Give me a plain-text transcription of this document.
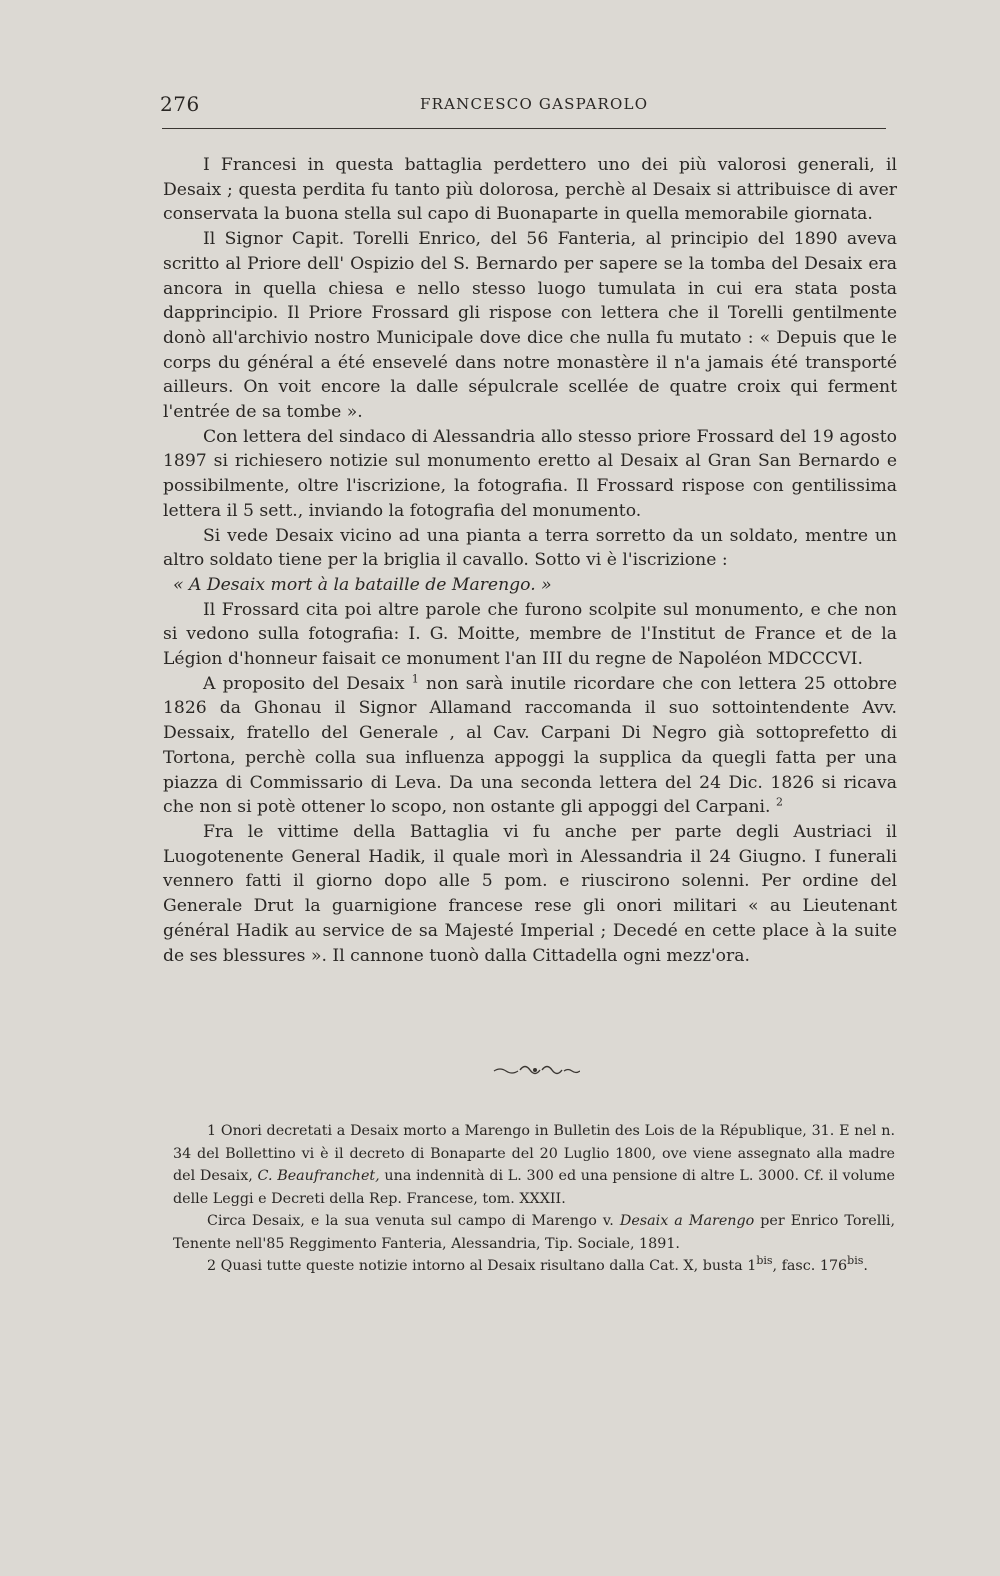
276	FRANCESCO GASPAROLO

I Francesi in questa battaglia perdettero uno dei più valorosi generali, il Desaix ; questa perdita fu tanto più dolorosa, perchè al Desaix si attribuisce di aver conservata la buona stella sul capo di Buonaparte in quella memorabile giornata.

Il Signor Capit. Torelli Enrico, del 56 Fanteria, al principio del 1890 aveva scritto al Priore dell' Ospizio del S. Bernardo per sapere se la tomba del Desaix era ancora in quella chiesa e nello stesso luogo tumulata in cui era stata posta dapprincipio. Il Priore Frossard gli rispose con lettera che il Torelli gentilmente donò all'archivio nostro Municipale dove dice che nulla fu mutato : « Depuis que le corps du général a été ensevelé dans notre monastère il n'a jamais été transporté ailleurs. On voit encore la dalle sépulcrale scellée de quatre croix qui ferment l'entrée de sa tombe ».

Con lettera del sindaco di Alessandria allo stesso priore Frossard del 19 agosto 1897 si richiesero notizie sul monumento eretto al Desaix al Gran San Bernardo e possibilmente, oltre l'iscrizione, la fotografia. Il Frossard rispose con gentilissima lettera il 5 sett., inviando la fotografia del monumento.

Si vede Desaix vicino ad una pianta a terra sorretto da un soldato, mentre un altro soldato tiene per la briglia il cavallo. Sotto vi è l'iscrizione :

« A Desaix mort à la bataille de Marengo. »

Il Frossard cita poi altre parole che furono scolpite sul monumento, e che non si vedono sulla fotografia: I. G. Moitte, membre de l'Institut de France et de la Légion d'honneur faisait ce monument l'an III du regne de Napoléon MDCCCVI.

A proposito del Desaix $^1$ non sarà inutile ricordare che con lettera 25 ottobre 1826 da Ghonau il Signor Allamand raccomanda il suo sottointendente Avv. Dessaix, fratello del Generale , al Cav. Carpani Di Negro già sottoprefetto di Tortona, perchè colla sua influenza appoggi la supplica da quegli fatta per una piazza di Commissario di Leva. Da una seconda lettera del 24 Dic. 1826 si ricava che non si potè ottener lo scopo, non ostante gli appoggi del Carpani. $^2$

Fra le vittime della Battaglia vi fu anche per parte degli Austriaci il Luogotenente General Hadik, il quale morì in Alessandria il 24 Giugno. I funerali vennero fatti il giorno dopo alle 5 pom. e riuscirono solenni. Per ordine del Generale Drut la guarnigione francese rese gli onori militari « au Lieutenant général Hadik au service de sa Majesté Imperial ; Decedé en cette place à la suite de ses blessures ». Il cannone tuonò dalla Cittadella ogni mezz'ora.

1 Onori decretati a Desaix morto a Marengo in Bulletin des Lois de la République, 31. E nel n. 34 del Bollettino vi è il decreto di Bonaparte del 20 Luglio 1800, ove viene assegnato alla madre del Desaix, C. Beaufranchet, una indennità di L. 300 ed una pensione di altre L. 3000. Cf. il volume delle Leggi e Decreti della Rep. Francese, tom. XXXII.

Circa Desaix, e la sua venuta sul campo di Marengo v. Desaix a Marengo per Enrico Torelli, Tenente nell'85 Reggimento Fanteria, Alessandria, Tip. Sociale, 1891.

2 Quasi tutte queste notizie intorno al Desaix risultano dalla Cat. X, busta $1^{bis}$, fasc. $176^{bis}$.
